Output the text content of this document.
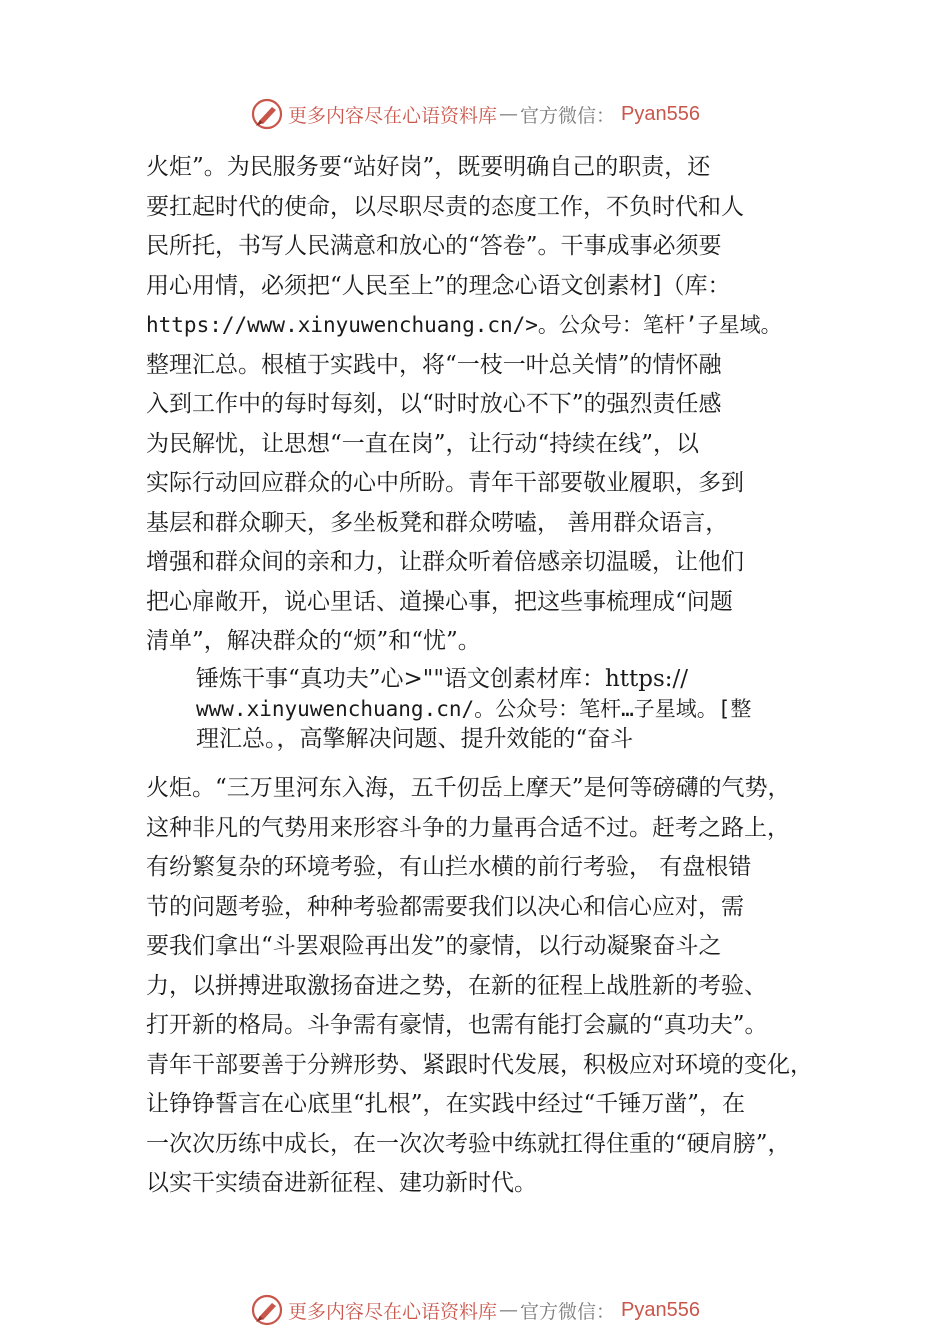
更多内容尽在心语资料库 — 官方微信： Pyan556
火炬”。为民服务要“站好岗”，既要明确自己的职责，还
要扛起时代的使命，以尽职尽责的态度工作，不负时代和人
民所托，书写人民满意和放心的“答卷”。干事成事必须要
用心用情，必须把“人民至上”的理念心语文创素材]（库：
https://www.xinyuwenchuang.cn/>。公众号：笔杆’子星域。
整理汇总。根植于实践中，将“一枝一叶总关情”的情怀融
入到工作中的每时每刻，以“时时放心不下”的强烈责任感
为民解忧，让思想“一直在岗”，让行动“持续在线”，以
实际行动回应群众的心中所盼。青年干部要敬业履职，多到
基层和群众聊天，多坐板凳和群众唠嗑， 善用群众语言，
增强和群众间的亲和力，让群众听着倍感亲切温暖，让他们
把心扉敞开，说心里话、道操心事，把这些事梳理成“问题
清单”，解决群众的“烦”和“忧”。
锤炼干事“真功夫”心>""语文创素材库：https://
www.xinyuwenchuang.cn/。公众号：笔杆…子星域。[整
理汇总。，高擎解决问题、提升效能的“奋斗
火炬。“三万里河东入海，五千仞岳上摩天”是何等磅礴的气势，
这种非凡的气势用来形容斗争的力量再合适不过。赶考之路上，
有纷繁复杂的环境考验，有山拦水横的前行考验， 有盘根错
节的问题考验，种种考验都需要我们以决心和信心应对，需
要我们拿出“斗罢艰险再出发”的豪情，以行动凝聚奋斗之
力，以拼搏进取激扬奋进之势，在新的征程上战胜新的考验、
打开新的格局。斗争需有豪情，也需有能打会赢的“真功夫”。
青年干部要善于分辨形势、紧跟时代发展，积极应对环境的变化，
让铮铮誓言在心底里“扎根”，在实践中经过“千锤万凿”，在
一次次历练中成长，在一次次考验中练就扛得住重的“硬肩膀”，
以实干实绩奋进新征程、建功新时代。
更多内容尽在心语资料库 — 官方微信： Pyan556
